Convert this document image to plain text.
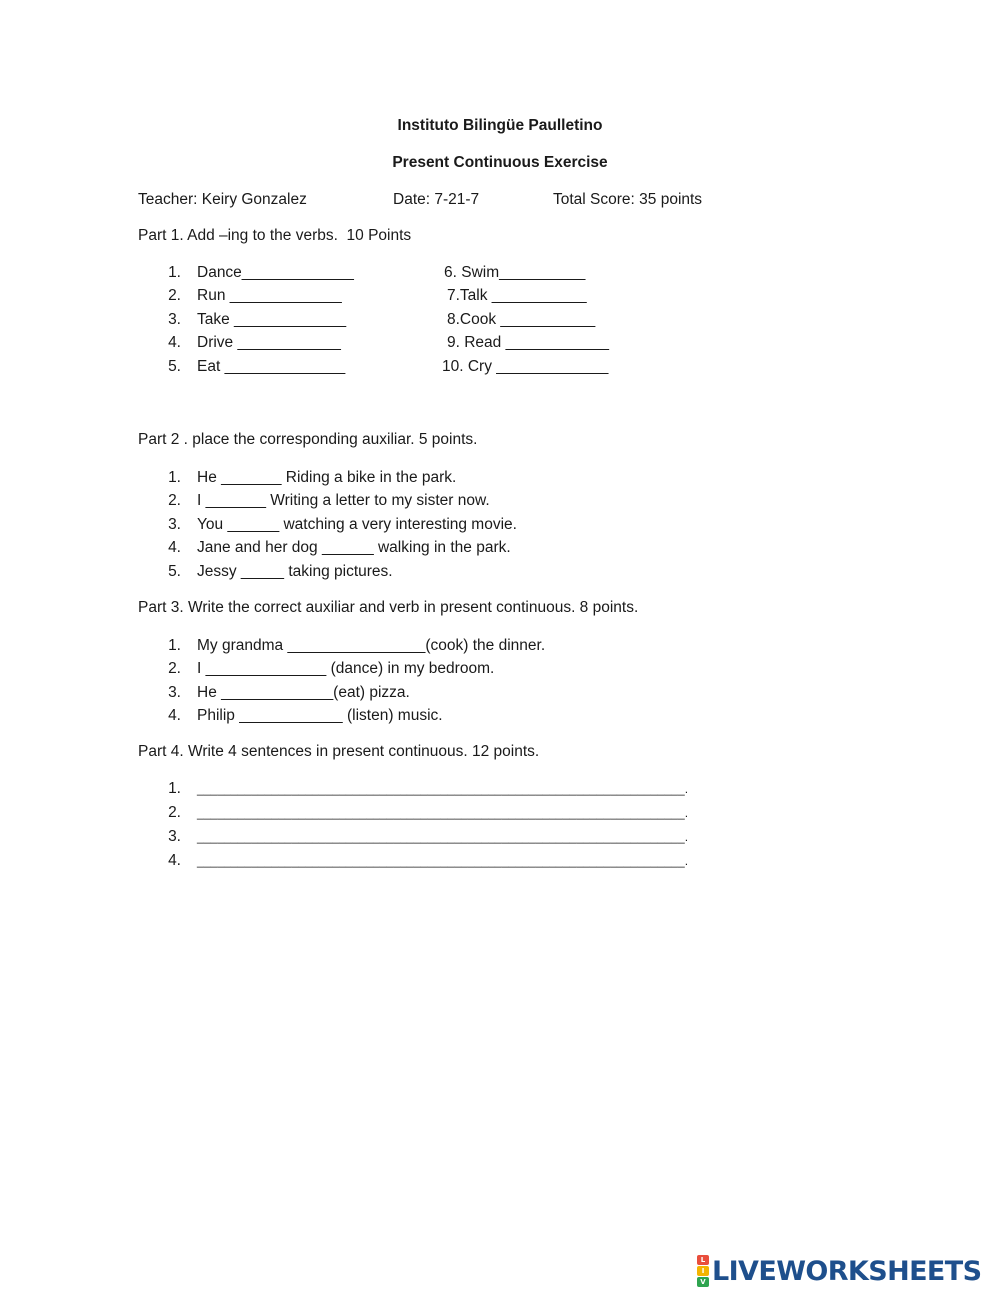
Instituto Bilingüe Paulletino
Present Continuous Exercise
Teacher: Keiry Gonzalez	Date: 7-21-7	Total Score: 35 points
Part 1. Add –ing to the verbs.  10 Points
1. Dance_____________
2. Run _____________
3. Take _____________
4. Drive ____________
5. Eat ______________
6. Swim__________
7.Talk ___________
8.Cook ___________
9. Read ____________
10. Cry _____________
Part 2 . place the corresponding auxiliar. 5 points.
1. He _______ Riding a bike in the park.
2. I _______ Writing a letter to my sister now.
3. You ______ watching a very interesting movie.
4. Jane and her dog ______ walking in the park.
5. Jessy _____ taking pictures.
Part 3. Write the correct auxiliar and verb in present continuous. 8 points.
1. My grandma ________________(cook) the dinner.
2. I ______________ (dance) in my bedroom.
3. He _____________(eat) pizza.
4. Philip ____________ (listen) music.
Part 4. Write 4 sentences in present continuous. 12 points.
1. ________________________________________________________________________.
2. ________________________________________________________________________.
3. ________________________________________________________________________.
4. ________________________________________________________________________.
L
I
V LIVEWORKSHEETS
